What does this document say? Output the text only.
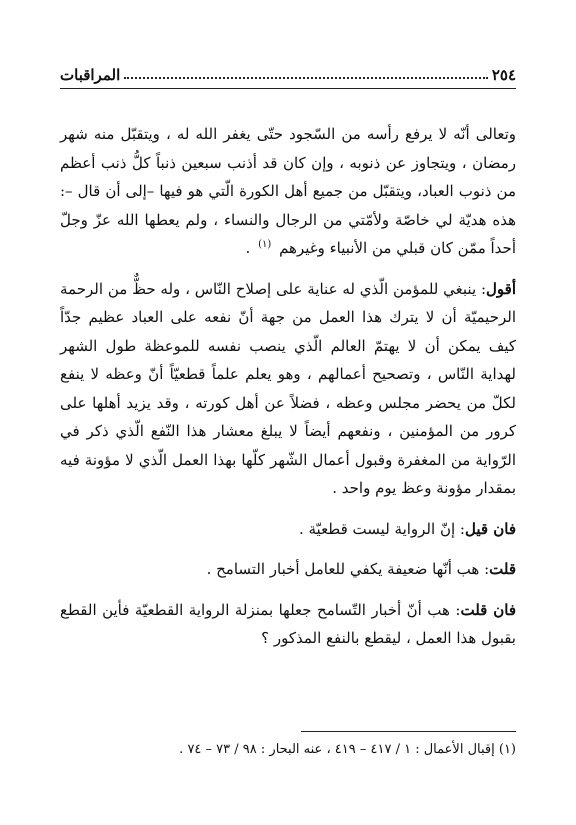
٢٥٤
المراقبات

وتعالى أنّه لا يرفع رأسه من السّجود حتّى يغفر الله له ، ويتقبّل منه شهر رمضان ، ويتجاوز عن ذنوبه ، وإن كان قد أذنب سبعين ذنباً كلُّ ذنب أعظم من ذنوب العباد، ويتقبّل من جميع أهل الكورة الّتي هو فيها –إلى أن قال –: هذه هديّة لي خاصّة ولأمّتي من الرجال والنساء ، ولم يعطها الله عزّ وجلّ أحداً ممّن كان قبلي من الأنبياء وغيرهم $^{(١)}$ .

أقول: ينبغي للمؤمن الّذي له عناية على إصلاح النّاس ، وله حظٌّ من الرحمة الرحيميّة أن لا يترك هذا العمل من جهة أنّ نفعه على العباد عظيم جدّاً كيف يمكن أن لا يهتمّ العالم الّذي ينصب نفسه للموعظة طول الشهر لهداية النّاس ، وتصحيح أعمالهم ، وهو يعلم علماً قطعيّاً أنّ وعظه لا ينفع لكلّ من يحضر مجلس وعظه ، فضلاً عن أهل كورته ، وقد يزيد أهلها على كرور من المؤمنين ، ونفعهم أيضاً لا يبلغ معشار هذا النّفع الّذي ذكر في الرّواية من المغفرة وقبول أعمال الشّهر كلّها بهذا العمل الّذي لا مؤونة فيه بمقدار مؤونة وعظ يوم واحد .

فان قيل: إنّ الرواية ليست قطعيّة .

قلت: هب أنّها ضعيفة يكفي للعامل أخبار التسامح .

فان قلت: هب أنّ أخبار التّسامح جعلها بمنزلة الرواية القطعيّة فأين القطع بقبول هذا العمل ، ليقطع بالنفع المذكور ؟

(١) إقبال الأعمال : ١ / ٤١٧ – ٤١٩ ، عنه البحار : ٩٨ / ٧٣ – ٧٤ .
